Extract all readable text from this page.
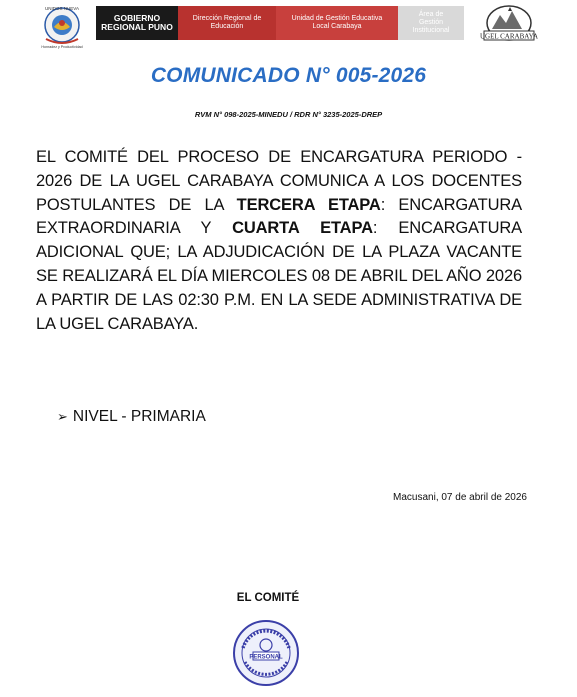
UNIDOS NUEVA
Honradez y Productividad
GOBIERNO
REGIONAL PUNO
Dirección Regional de
Educación
Unidad de Gestión Educativa
Local Carabaya
Área de
Gestión
Institucional
UGEL CARABAYA
COMUNICADO N° 005-2026
RVM N° 098-2025-MINEDU / RDR N° 3235-2025-DREP
EL COMITÉ DEL PROCESO DE ENCARGATURA PERIODO - 2026 DE LA UGEL CARABAYA COMUNICA A LOS DOCENTES POSTULANTES DE LA TERCERA ETAPA: ENCARGATURA EXTRAORDINARIA Y CUARTA ETAPA: ENCARGATURA ADICIONAL QUE; LA ADJUDICACIÓN DE LA PLAZA VACANTE SE REALIZARÁ EL DÍA MIERCOLES 08 DE ABRIL DEL AÑO 2026 A PARTIR DE LAS 02:30 P.M. EN LA SEDE ADMINISTRATIVA DE LA UGEL CARABAYA.
➢ NIVEL - PRIMARIA
Macusani, 07 de abril de 2026
EL COMITÉ
PERSONAL
